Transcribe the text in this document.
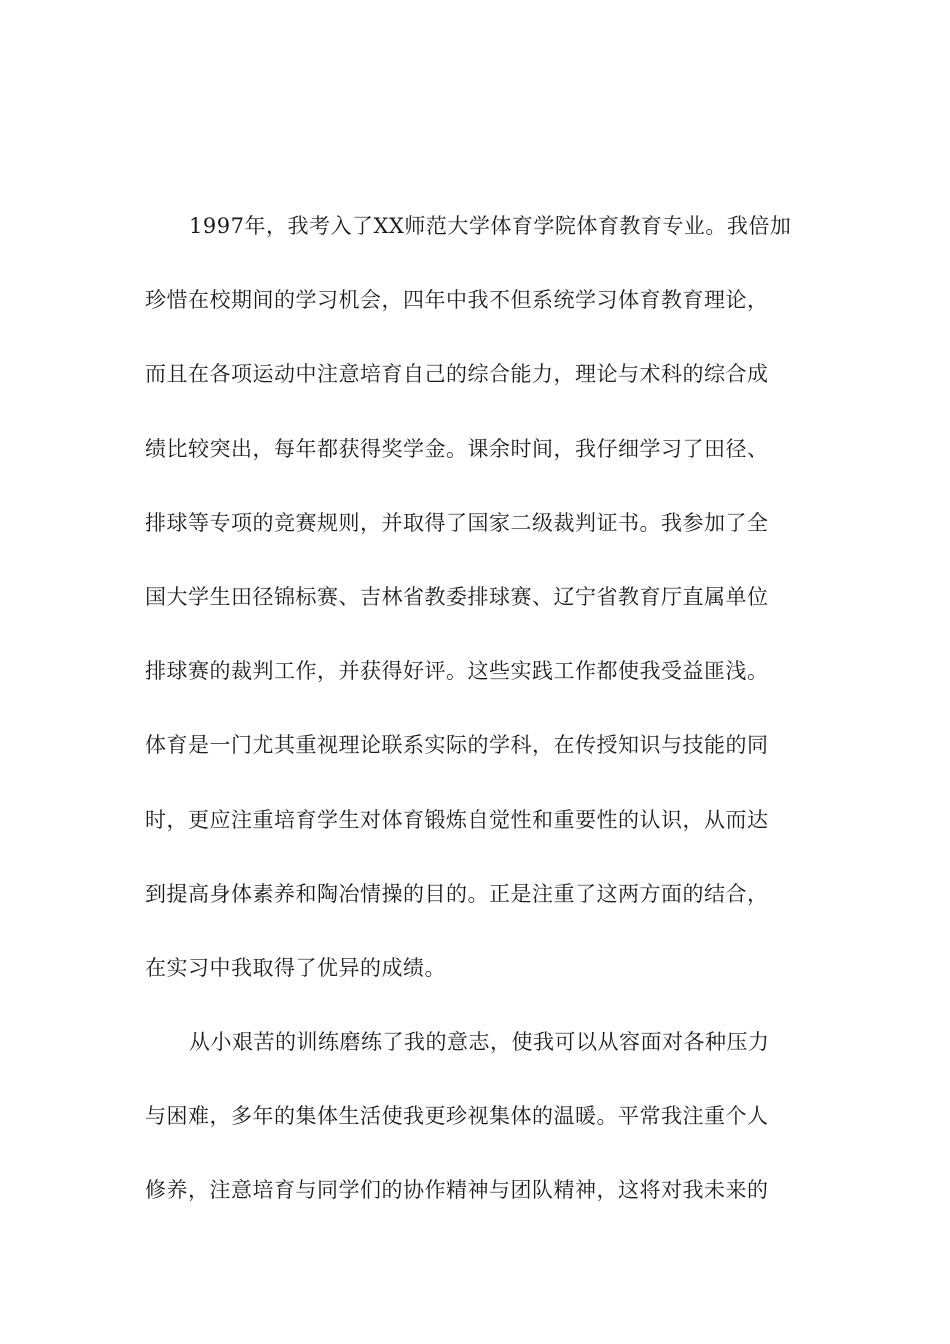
1997年，我考入了XX师范大学体育学院体育教育专业。我倍加
珍惜在校期间的学习机会，四年中我不但系统学习体育教育理论，
而且在各项运动中注意培育自己的综合能力，理论与术科的综合成
绩比较突出，每年都获得奖学金。课余时间，我仔细学习了田径、
排球等专项的竞赛规则，并取得了国家二级裁判证书。我参加了全
国大学生田径锦标赛、吉林省教委排球赛、辽宁省教育厅直属单位
排球赛的裁判工作，并获得好评。这些实践工作都使我受益匪浅。
体育是一门尤其重视理论联系实际的学科，在传授知识与技能的同
时，更应注重培育学生对体育锻炼自觉性和重要性的认识，从而达
到提高身体素养和陶冶情操的目的。正是注重了这两方面的结合，
在实习中我取得了优异的成绩。
从小艰苦的训练磨练了我的意志，使我可以从容面对各种压力
与困难，多年的集体生活使我更珍视集体的温暖。平常我注重个人
修养，注意培育与同学们的协作精神与团队精神，这将对我未来的
